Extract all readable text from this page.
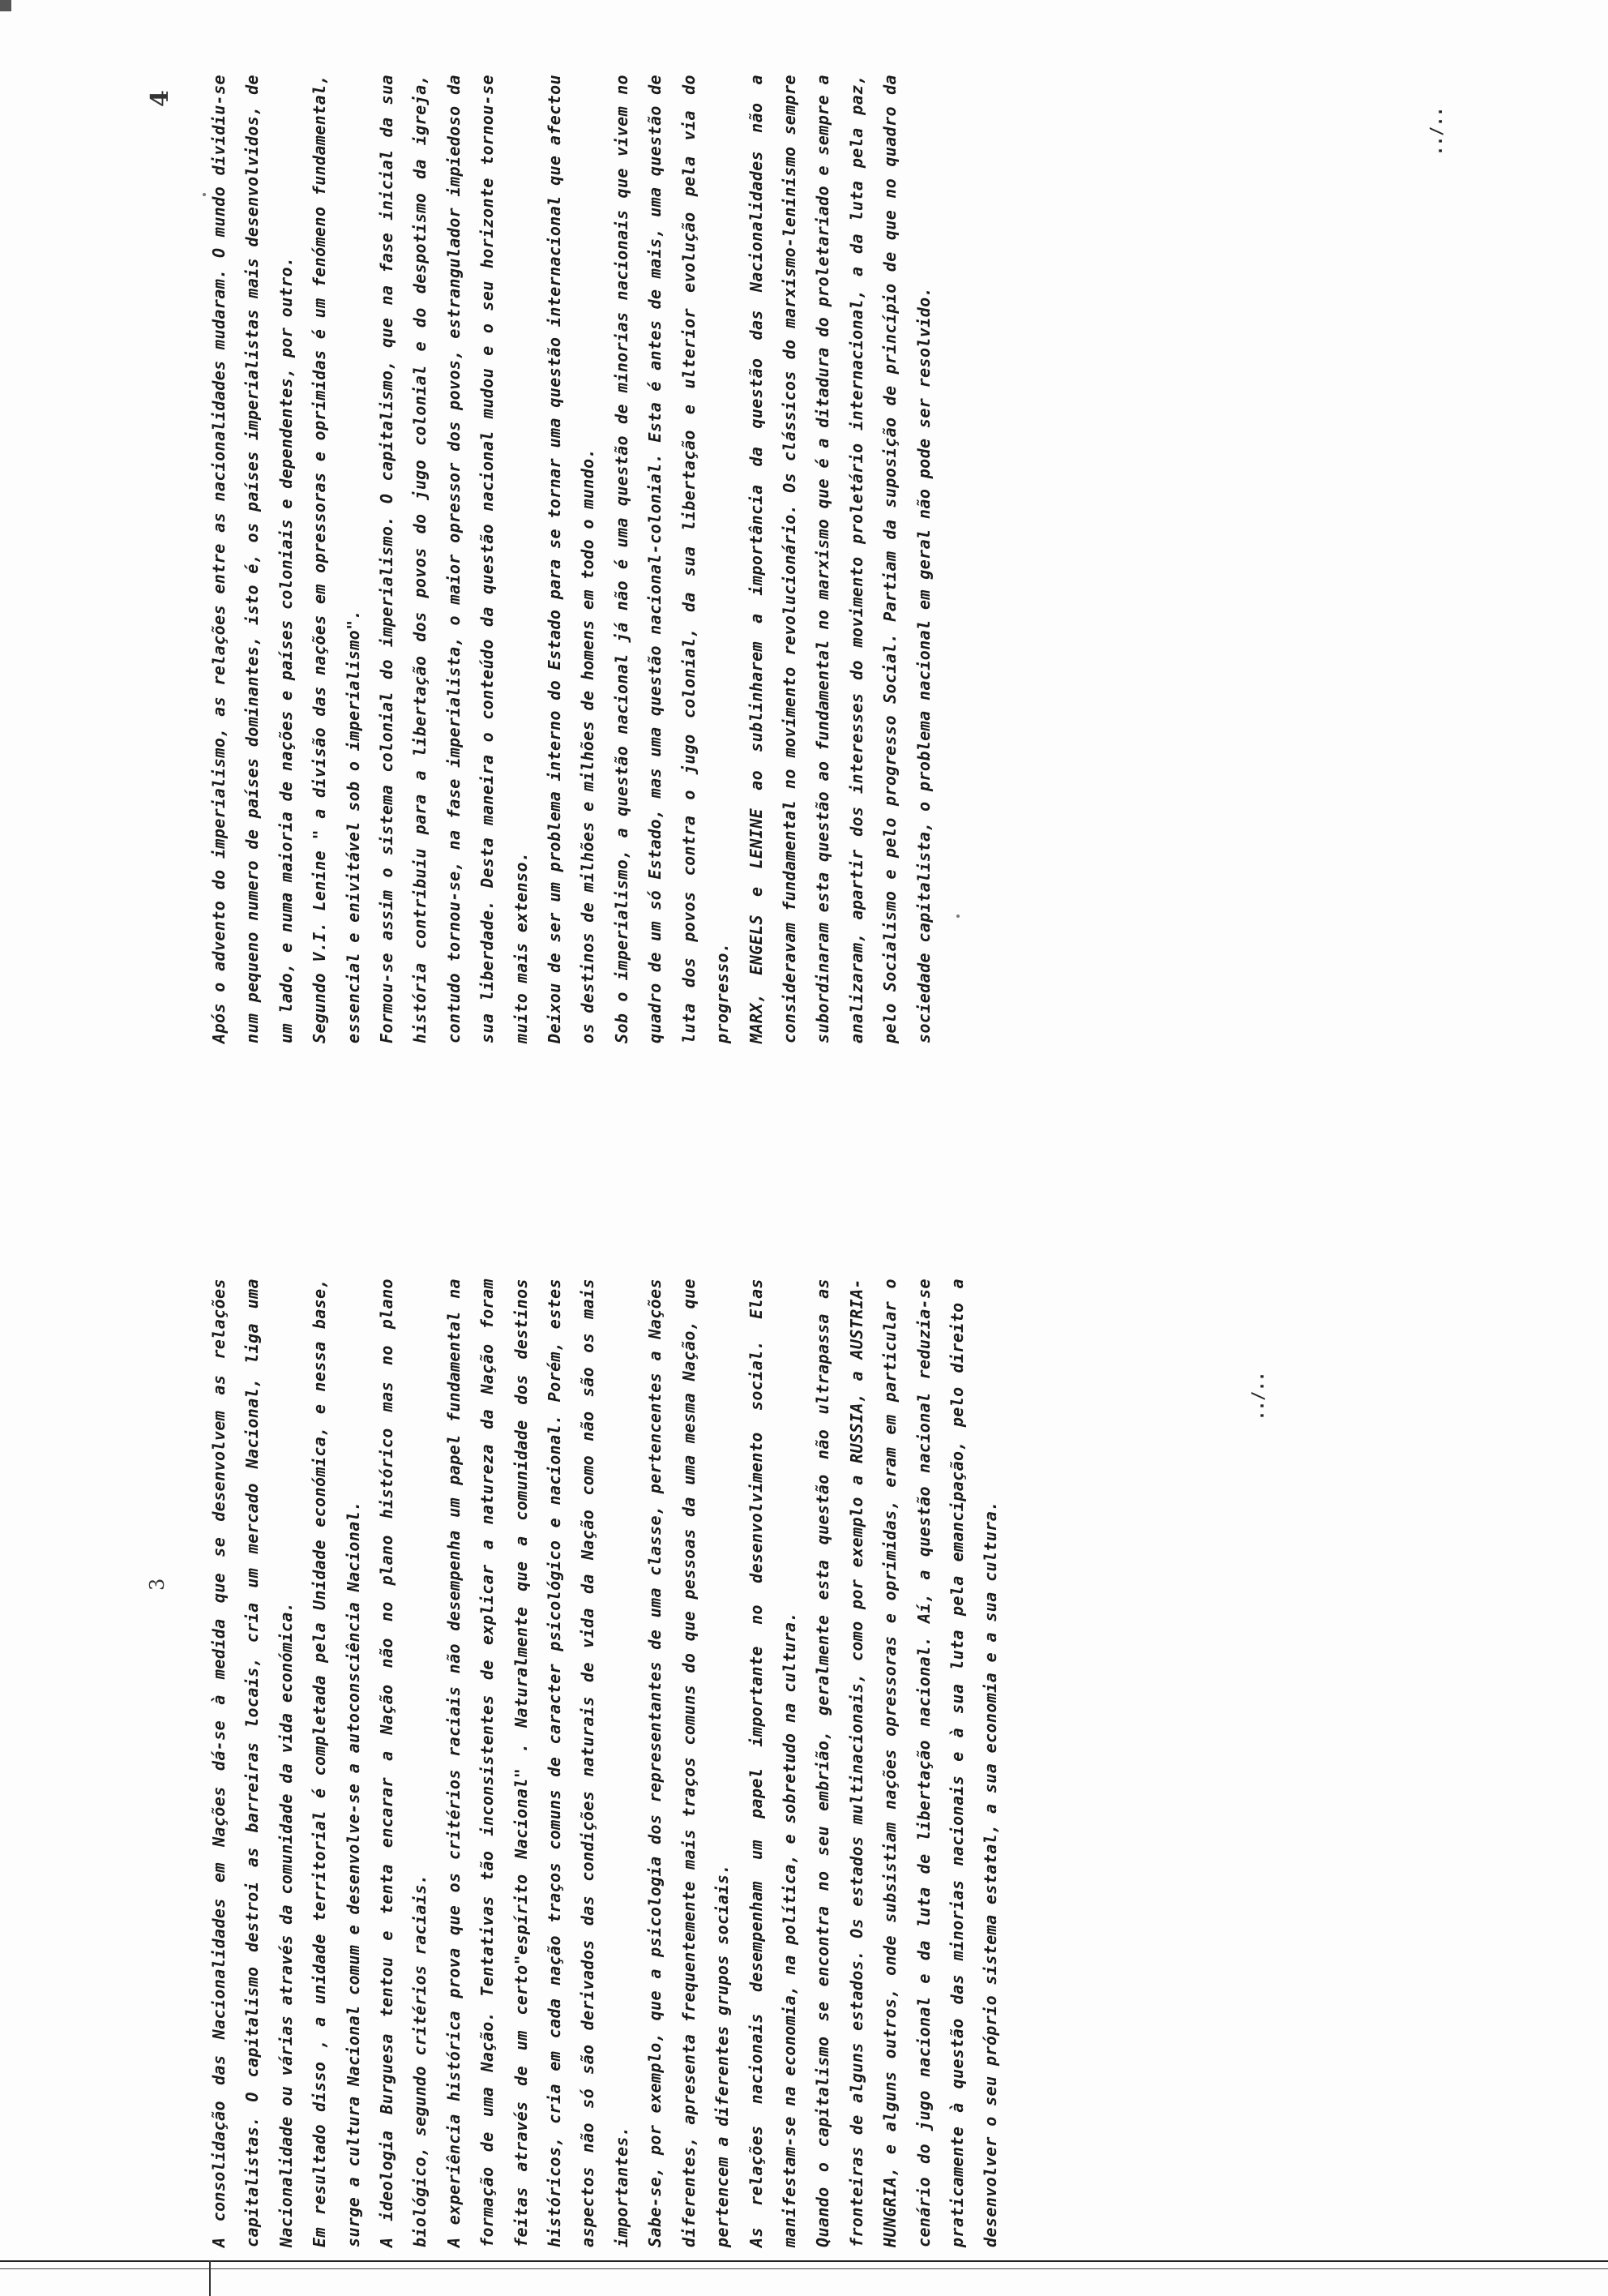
3
4

A consolidação das Nacionalidades em Nações dá-se à medida que se desenvolvem as relações capitalistas. O capitalismo destroi as barreiras locais, cria um mercado Nacional, liga uma Nacionalidade ou várias através da comunidade da vida económica. Em resultado disso , a unidade territorial é completada pela Unidade económica, e nessa base, surge a cultura Nacional comum e desenvolve-se a autoconsciência Nacional. A ideologia Burguesa tentou e tenta encarar a Nação não no plano histórico mas no plano biológico, segundo critérios raciais. A experiência histórica prova que os critérios raciais não desempenha um papel fundamental na formação de uma Nação. Tentativas tão inconsistentes de explicar a natureza da Nação foram feitas através de um certo"espírito Nacional" . Naturalmente que a comunidade dos destinos históricos, cria em cada nação traços comuns de caracter psicológico e nacional. Porém, estes aspectos não só são derivados das condições naturais de vida da Nação como não são os mais importantes. Sabe-se, por exemplo, que a psicologia dos representantes de uma classe, pertencentes a Nações diferentes, apresenta frequentemente mais traços comuns do que pessoas da uma mesma Nação, que pertencem a diferentes grupos sociais. As relações nacionais desempenham um papel importante no desenvolvimento social. Elas manifestam-se na economia, na política, e sobretudo na cultura. Quando o capitalismo se encontra no seu embrião, geralmente esta questão não ultrapassa as fronteiras de alguns estados. Os estados multinacionais, como por exemplo a RUSSIA, a AUSTRIA-HUNGRIA, e alguns outros, onde subsistiam nações opressoras e oprimidas, eram em particular o cenário do jugo nacional e da luta de libertação nacional. Aí, a questão nacional reduzia-se praticamente à questão das minorias nacionais e à sua luta pela emancipação, pelo direito a desenvolver o seu próprio sistema estatal, a sua economia e a sua cultura.

Após o advento do imperialismo, as relações entre as nacionalidades mudaram. O mundo dividiu-se num pequeno numero de países dominantes, isto é, os países imperialistas mais desenvolvidos, de um lado, e numa maioria de nações e países coloniais e dependentes, por outro. Segundo V.I. Lenine " a divisão das nações em opressoras e oprimidas é um fenómeno fundamental, essencial e enivitável sob o imperialismo". Formou-se assim o sistema colonial do imperialismo. O capitalismo, que na fase inicial da sua história contribuiu para a libertação dos povos do jugo colonial e do despotismo da igreja, contudo tornou-se, na fase imperialista, o maior opressor dos povos, estrangulador impiedoso da sua liberdade. Desta maneira o conteúdo da questão nacional mudou e o seu horizonte tornou-se muito mais extenso. Deixou de ser um problema interno do Estado para se tornar uma questão internacional que afectou os destinos de milhões e milhões de homens em todo o mundo. Sob o imperialismo, a questão nacional já não é uma questão de minorias nacionais que vivem no quadro de um só Estado, mas uma questão nacional-colonial. Esta é antes de mais, uma questão de luta dos povos contra o jugo colonial, da sua libertação e ulterior evolução pela via do progresso. MARX, ENGELS e LENINE ao sublinharem a importância da questão das Nacionalidades não a consideravam fundamental no movimento revolucionário. Os clássicos do marxismo-leninismo sempre subordinaram esta questão ao fundamental no marxismo que é a ditadura do proletariado e sempre a analizaram, apartir dos interesses do movimento proletário internacional, a da luta pela paz, pelo Socialismo e pelo progresso Social. Partiam da suposição de princípio de que no quadro da sociedade capitalista, o problema nacional em geral não pode ser resolvido.

../..
../..
